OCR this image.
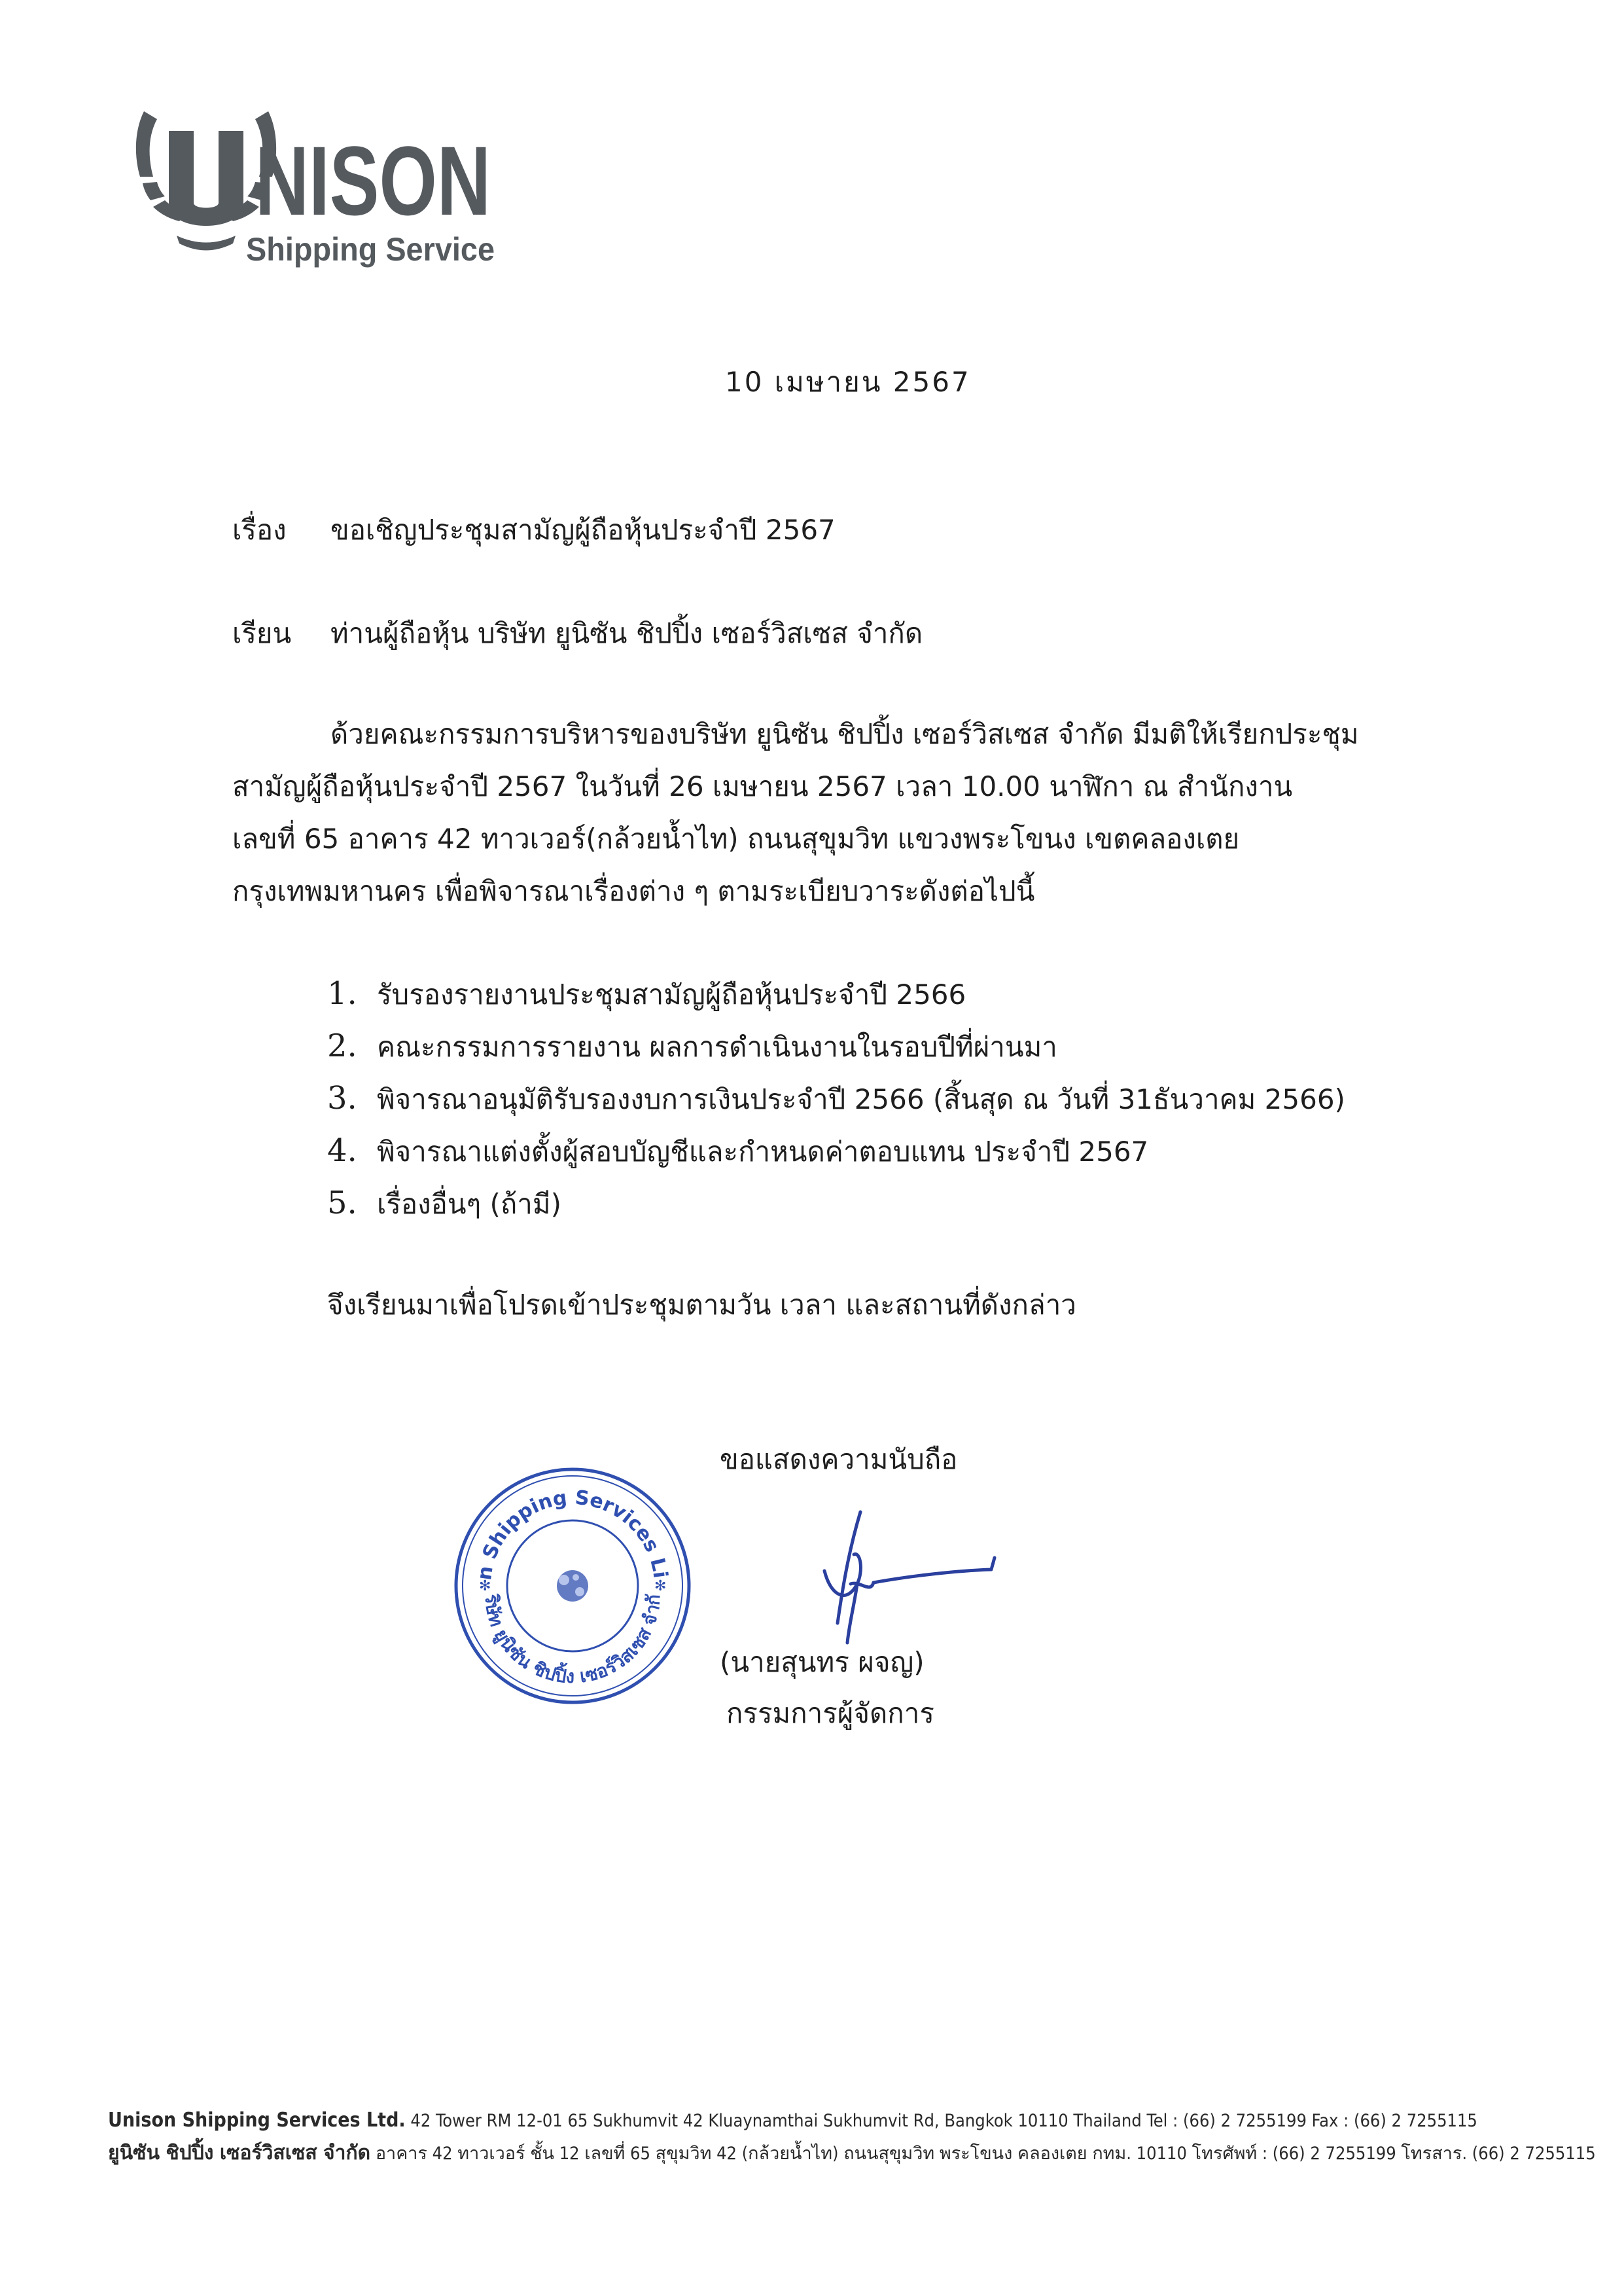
NISON
Shipping Service
10 เมษายน 2567
เรื่อง ขอเชิญประชุมสามัญผู้ถือหุ้นประจำปี 2567
เรียน ท่านผู้ถือหุ้น บริษัท ยูนิซัน ชิปปิ้ง เซอร์วิสเซส จำกัด
ด้วยคณะกรรมการบริหารของบริษัท ยูนิซัน ชิปปิ้ง เซอร์วิสเซส จำกัด มีมติให้เรียกประชุม
สามัญผู้ถือหุ้นประจำปี 2567 ในวันที่ 26 เมษายน 2567 เวลา 10.00 นาฬิกา ณ สำนักงาน
เลขที่ 65 อาคาร 42 ทาวเวอร์(กล้วยน้ำไท) ถนนสุขุมวิท แขวงพระโขนง เขตคลองเตย
กรุงเทพมหานคร เพื่อพิจารณาเรื่องต่าง ๆ ตามระเบียบวาระดังต่อไปนี้
1. รับรองรายงานประชุมสามัญผู้ถือหุ้นประจำปี 2566
2. คณะกรรมการรายงาน ผลการดำเนินงานในรอบปีที่ผ่านมา
3. พิจารณาอนุมัติรับรองงบการเงินประจำปี 2566 (สิ้นสุด ณ วันที่ 31ธันวาคม 2566)
4. พิจารณาแต่งตั้งผู้สอบบัญชีและกำหนดค่าตอบแทน ประจำปี 2567
5. เรื่องอื่นๆ (ถ้ามี)
จึงเรียนมาเพื่อโปรดเข้าประชุมตามวัน เวลา และสถานที่ดังกล่าว
ขอแสดงความนับถือ
n Shipping Services Li
ริษัท ยูนิซัน ชิปปิ้ง เซอร์วิสเซส จำกั
✻	✻
(นายสุนทร ผจญ)
กรรมการผู้จัดการ
Unison Shipping Services Ltd. 42 Tower RM 12-01 65 Sukhumvit 42 Kluaynamthai Sukhumvit Rd, Bangkok 10110 Thailand Tel : (66) 2 7255199 Fax : (66) 2 7255115
ยูนิซัน ชิปปิ้ง เซอร์วิสเซส จำกัด อาคาร 42 ทาวเวอร์ ชั้น 12 เลขที่ 65 สุขุมวิท 42 (กล้วยน้ำไท) ถนนสุขุมวิท พระโขนง คลองเตย กทม. 10110 โทรศัพท์ : (66) 2 7255199 โทรสาร. (66) 2 7255115
